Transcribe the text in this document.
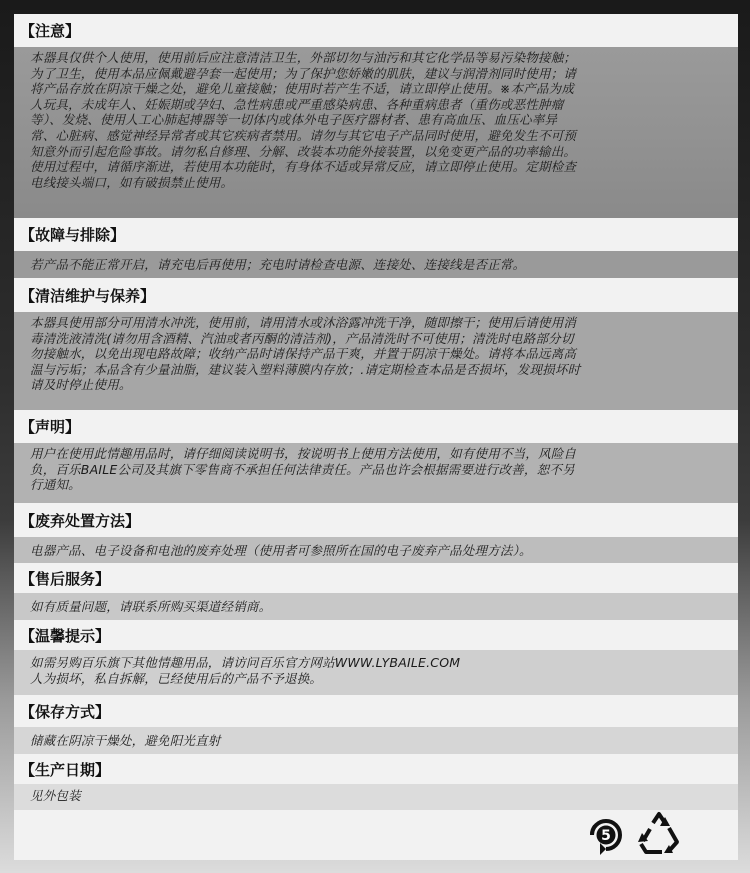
【注意】
本器具仅供个人使用，使用前后应注意清洁卫生，外部切勿与油污和其它化学品等易污染物接触；
为了卫生，使用本品应佩戴避孕套一起使用；为了保护您娇嫩的肌肤，建议与润滑剂同时使用；请
将产品存放在阴凉干燥之处，避免儿童接触；使用时若产生不适，请立即停止使用。※本产品为成
人玩具，未成年人、妊娠期或孕妇、急性病患或严重感染病患、各种重病患者（重伤或恶性肿瘤
等）、发烧、使用人工心肺起搏器等一切体内或体外电子医疗器材者、患有高血压、血压心率异
常、心脏病、感觉神经异常者或其它疾病者禁用。请勿与其它电子产品同时使用，避免发生不可预
知意外而引起危险事故。请勿私自修理、分解、改装本功能外接装置，以免变更产品的功率输出。
使用过程中，请循序渐进，若使用本功能时，有身体不适或异常反应，请立即停止使用。定期检查
电线接头端口，如有破损禁止使用。
【故障与排除】
若产品不能正常开启，请充电后再使用；充电时请检查电源、连接处、连接线是否正常。
【清洁维护与保养】
本器具使用部分可用清水冲洗，使用前，请用清水或沐浴露冲洗干净，随即擦干；使用后请使用消
毒清洗液清洗(请勿用含酒精、汽油或者丙酮的清洁剂)，产品清洗时不可使用；清洗时电路部分切
勿接触水，以免出现电路故障；收纳产品时请保持产品干爽，并置于阴凉干燥处。请将本品远离高
温与污垢；本品含有少量油脂，建议装入塑料薄膜内存放；.请定期检查本品是否损坏，发现损坏时
请及时停止使用。
【声明】
用户在使用此情趣用品时，请仔细阅读说明书，按说明书上使用方法使用，如有使用不当，风险自
负，百乐BAILE公司及其旗下零售商不承担任何法律责任。产品也许会根据需要进行改善，恕不另
行通知。
【废弃处置方法】
电器产品、电子设备和电池的废弃处理（使用者可参照所在国的电子废弃产品处理方法）。
【售后服务】
如有质量问题，请联系所购买渠道经销商。
【温馨提示】
如需另购百乐旗下其他情趣用品，请访问百乐官方网站WWW.LYBAILE.COM
人为损坏，私自拆解，已经使用后的产品不予退换。
【保存方式】
储藏在阴凉干燥处，避免阳光直射
【生产日期】
见外包装
5
